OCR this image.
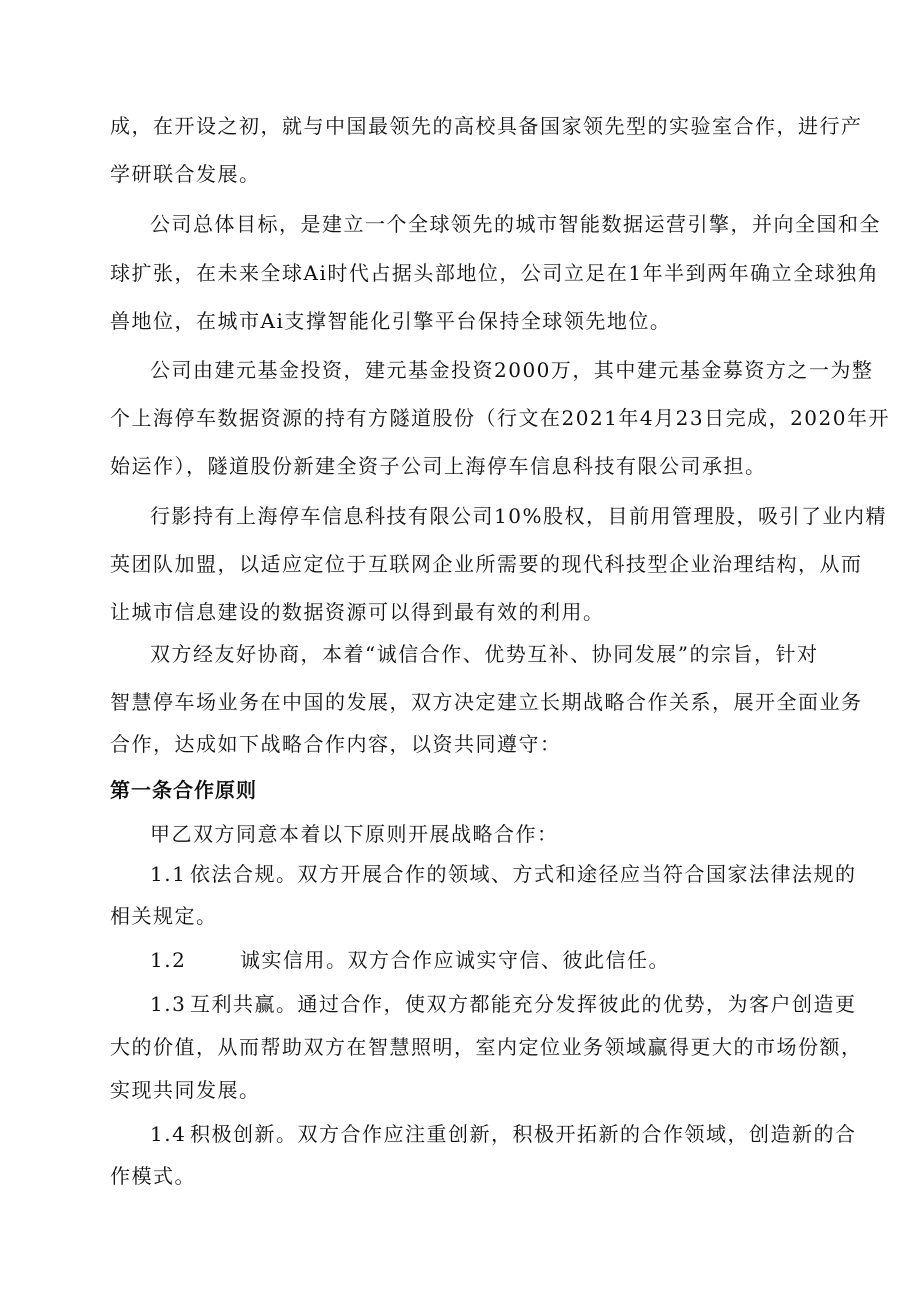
成，在开设之初，就与中国最领先的高校具备国家领先型的实验室合作，进行产
学研联合发展。
公司总体目标，是建立一个全球领先的城市智能数据运营引擎，并向全国和全
球扩张，在未来全球Ai时代占据头部地位，公司立足在1年半到两年确立全球独角
兽地位，在城市Ai支撑智能化引擎平台保持全球领先地位。
公司由建元基金投资，建元基金投资2000万，其中建元基金募资方之一为整
个上海停车数据资源的持有方隧道股份（行文在2021年4月23日完成，2020年开
始运作），隧道股份新建全资子公司上海停车信息科技有限公司承担。
行影持有上海停车信息科技有限公司10%股权，目前用管理股，吸引了业内精
英团队加盟，以适应定位于互联网企业所需要的现代科技型企业治理结构，从而
让城市信息建设的数据资源可以得到最有效的利用。
双方经友好协商，本着“诚信合作、优势互补、协同发展”的宗旨，针对
智慧停车场业务在中国的发展，双方决定建立长期战略合作关系，展开全面业务
合作，达成如下战略合作内容，以资共同遵守：
第一条合作原则
甲乙双方同意本着以下原则开展战略合作：
1.1 依法合规。双方开展合作的领域、方式和途径应当符合国家法律法规的
相关规定。
1.2	诚实信用。双方合作应诚实守信、彼此信任。
1.3 互利共赢。通过合作，使双方都能充分发挥彼此的优势，为客户创造更
大的价值，从而帮助双方在智慧照明，室内定位业务领域赢得更大的市场份额，
实现共同发展。
1.4 积极创新。双方合作应注重创新，积极开拓新的合作领域，创造新的合
作模式。
